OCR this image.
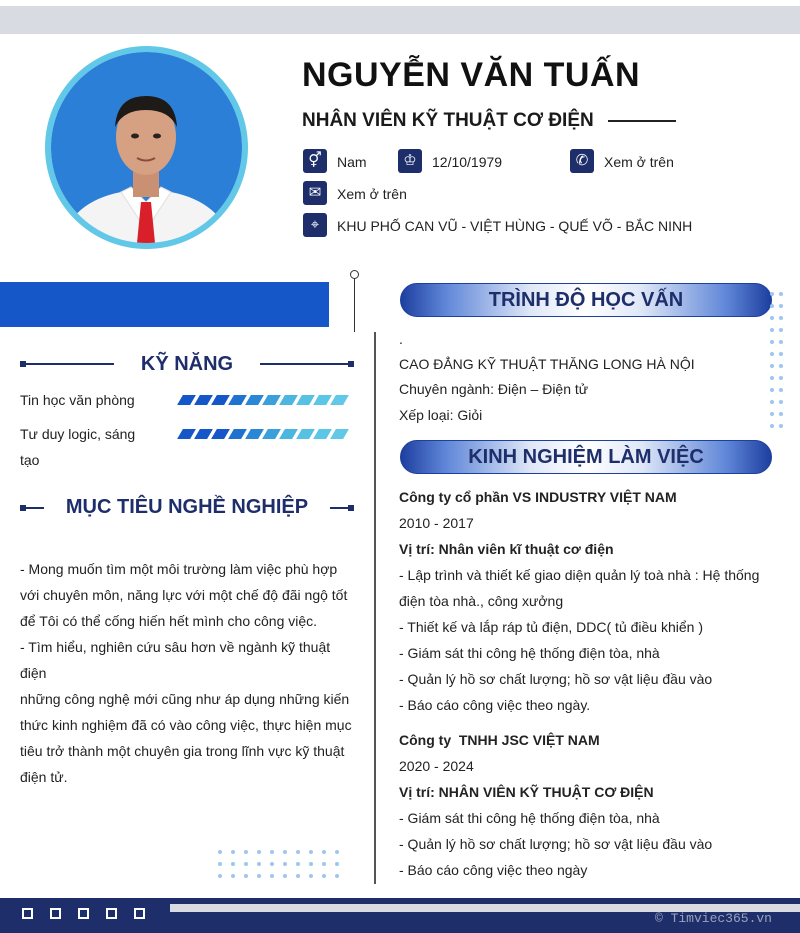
NGUYỄN VĂN TUẤN
NHÂN VIÊN KỸ THUẬT CƠ ĐIỆN
⚥	Nam	♔	12/10/1979	✆	Xem ở trên
✉	Xem ở trên
⌖	KHU PHỐ CAN VŨ - VIỆT HÙNG - QUẾ VÕ - BẮC NINH
KỸ NĂNG
Tin học văn phòng
Tư duy logic, sáng
tạo
MỤC TIÊU NGHỀ NGHIỆP
- Mong muốn tìm một môi trường làm việc phù hợp
với chuyên môn, năng lực với một chế độ đãi ngộ tốt
để Tôi có thể cống hiến hết mình cho công việc.
- Tìm hiểu, nghiên cứu sâu hơn về ngành kỹ thuật điện
những công nghệ mới cũng như áp dụng những kiến
thức kinh nghiệm đã có vào công việc, thực hiện mục
tiêu trở thành một chuyên gia trong lĩnh vực kỹ thuật
điện tử.
TRÌNH ĐỘ HỌC VẤN
.
CAO ĐẲNG KỸ THUẬT THĂNG LONG HÀ NỘI
Chuyên ngành: Điện – Điện tử
Xếp loại: Giỏi
KINH NGHIỆM LÀM VIỆC
Công ty cổ phần VS INDUSTRY VIỆT NAM
2010 - 2017
Vị trí: Nhân viên kĩ thuật cơ điện
- Lập trình và thiết kế giao diện quản lý toà nhà : Hệ thống
điện tòa nhà., công xưởng
- Thiết kế và lắp ráp tủ điện, DDC( tủ điều khiển )
- Giám sát thi công hệ thống điện tòa, nhà
- Quản lý hồ sơ chất lượng; hồ sơ vật liệu đầu vào
- Báo cáo công việc theo ngày.
Công ty  TNHH JSC VIỆT NAM
2020 - 2024
Vị trí: NHÂN VIÊN KỸ THUẬT CƠ ĐIỆN
- Giám sát thi công hệ thống điện tòa, nhà
- Quản lý hồ sơ chất lượng; hồ sơ vật liệu đầu vào
- Báo cáo công việc theo ngày
© Timviec365.vn
